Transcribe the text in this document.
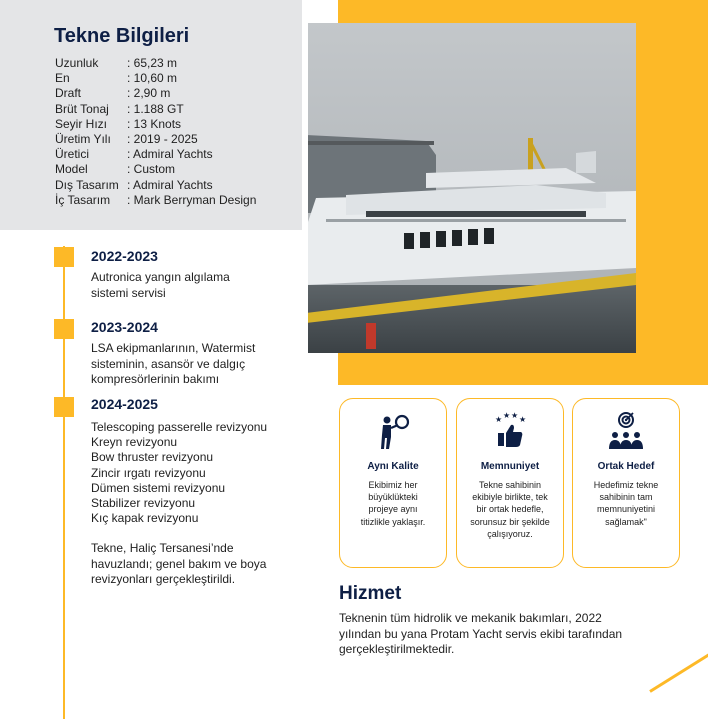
Tekne Bilgileri
Uzunluk	: 65,23 m
En	: 10,60 m
Draft	: 2,90 m
Brüt Tonaj	: 1.188 GT
Seyir Hızı	: 13 Knots
Üretim Yılı	: 2019 - 2025
Üretici	: Admiral Yachts
Model	: Custom
Dış Tasarım : Admiral Yachts
İç Tasarım	: Mark Berryman Design
2022-2023
Autronica yangın algılama
sistemi servisi
2023-2024
LSA ekipmanlarının, Watermist
sisteminin, asansör ve dalgıç
kompresörlerinin bakımı
2024-2025
Telescoping passerelle revizyonu
Kreyn revizyonu
Bow thruster revizyonu
Zincir ırgatı revizyonu
Dümen sistemi revizyonu
Stabilizer revizyonu
Kıç kapak revizyonu
Tekne, Haliç Tersanesi’nde
havuzlandı; genel bakım ve boya
revizyonları gerçekleştirildi.
Aynı Kalite
Ekibimiz her
büyüklükteki
projeye aynı
titizlikle yaklaşır.
★ ★ ★ ★
Memnuniyet
Tekne sahibinin
ekibiyle birlikte, tek
bir ortak hedefle,
sorunsuz bir şekilde
çalışıyoruz.
Ortak Hedef
Hedefimiz tekne
sahibinin tam
memnuniyetini
sağlamak"
Hizmet
Teknenin tüm hidrolik ve mekanik bakımları, 2022
yılından bu yana Protam Yacht servis ekibi tarafından
gerçekleştirilmektedir.
